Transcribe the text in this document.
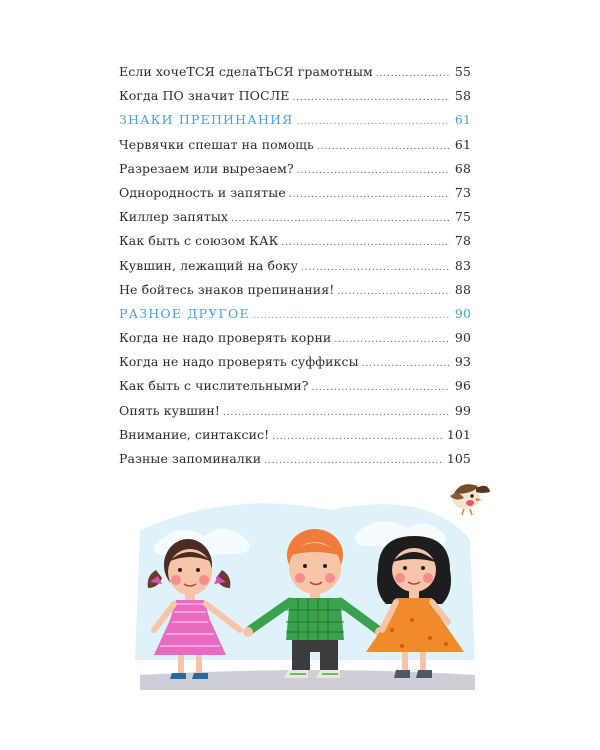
Если хочеТСЯ сделаТЬСЯ грамотным . . .	55
Когда ПО значит ПОСЛЕ . . .	58
ЗНАКИ ПРЕПИНАНИЯ . . .	61
Червячки спешат на помощь . . .	61
Разрезаем или вырезаем? . . .	68
Однородность и запятые . . .	73
Киллер запятых . . .	75
Как быть с союзом КАК . . .	78
Кувшин, лежащий на боку . . .	83
Не бойтесь знаков препинания! . . .	88
РАЗНОЕ ДРУГОЕ . . .	90
Когда не надо проверять корни . . .	90
Когда не надо проверять суффиксы . . .	93
Как быть с числительными? . . .	96
Опять кувшин! . . .	99
Внимание, синтаксис! . . .	101
Разные запоминалки . . .	105
